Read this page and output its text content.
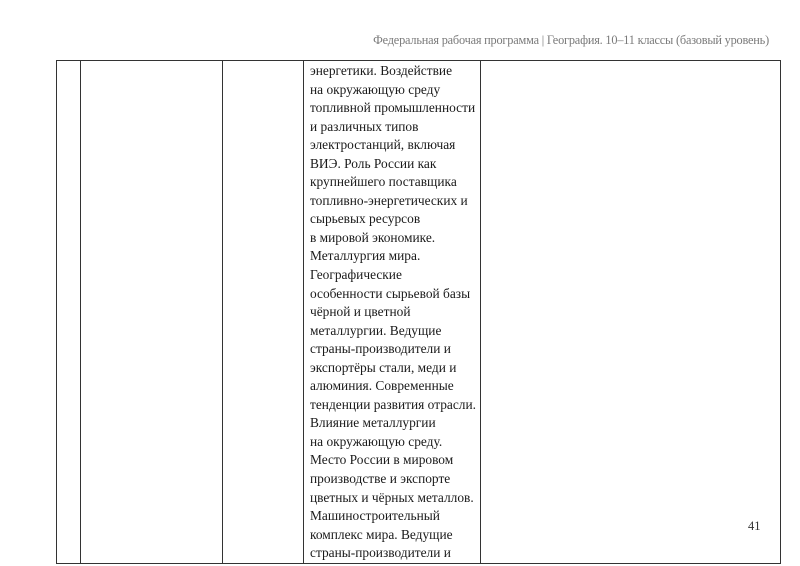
Федеральная рабочая программа | География. 10–11 классы (базовый уровень)

энергетики. Воздействие
на окружающую среду
топливной промышленности
и различных типов
электростанций, включая
ВИЭ. Роль России как
крупнейшего поставщика
топливно-энергетических и
сырьевых ресурсов
в мировой экономике.
Металлургия мира.
Географические
особенности сырьевой базы
чёрной и цветной
металлургии. Ведущие
страны-производители и
экспортёры стали, меди и
алюминия. Современные
тенденции развития отрасли.
Влияние металлургии
на окружающую среду.
Место России в мировом
производстве и экспорте
цветных и чёрных металлов.
Машиностроительный
комплекс мира. Ведущие
страны-производители и

41
